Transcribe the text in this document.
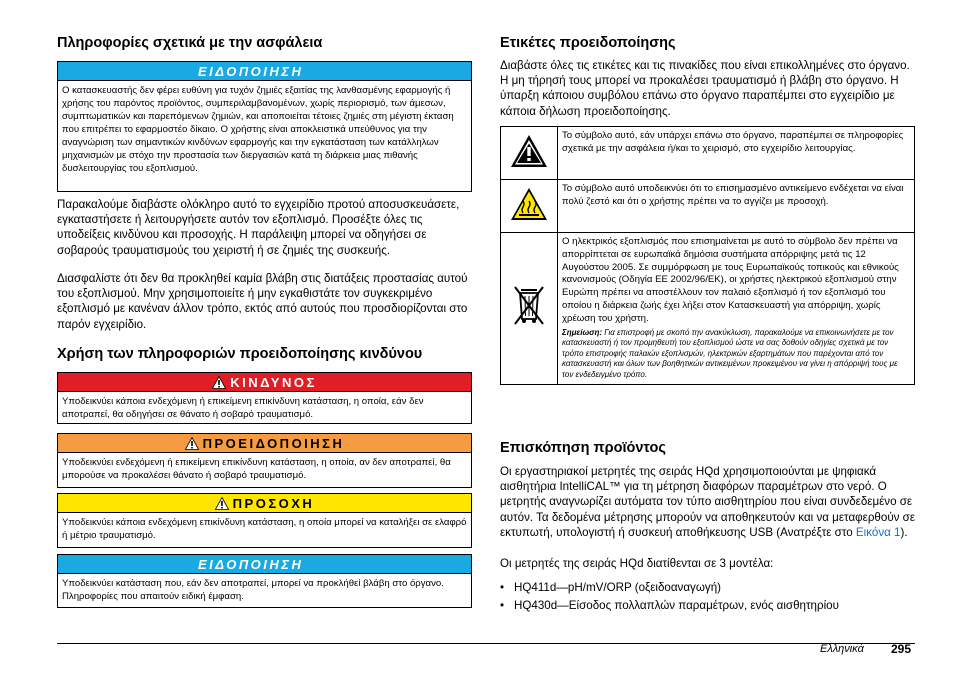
Πληροφορίες σχετικά με την ασφάλεια
ΕΙΔΟΠΟΙΗΣΗ
Ο κατασκευαστής δεν φέρει ευθύνη για τυχόν ζημιές εξαιτίας της λανθασμένης εφαρμογής ή χρήσης του παρόντος προϊόντος, συμπεριλαμβανομένων, χωρίς περιορισμό, των άμεσων, συμπτωματικών και παρεπόμενων ζημιών, και αποποιείται τέτοιες ζημιές στη μέγιστη έκταση που επιτρέπει το εφαρμοστέο δίκαιο. Ο χρήστης είναι αποκλειστικά υπεύθυνος για την αναγνώριση των σημαντικών κινδύνων εφαρμογής και την εγκατάσταση των κατάλληλων μηχανισμών με στόχο την προστασία των διεργασιών κατά τη διάρκεια μιας πιθανής δυσλειτουργίας του εξοπλισμού.

Παρακαλούμε διαβάστε ολόκληρο αυτό το εγχειρίδιο προτού αποσυσκευάσετε, εγκαταστήσετε ή λειτουργήσετε αυτόν τον εξοπλισμό. Προσέξτε όλες τις υποδείξεις κινδύνου και προσοχής. Η παράλειψη μπορεί να οδηγήσει σε σοβαρούς τραυματισμούς του χειριστή ή σε ζημιές της συσκευής.

Διασφαλίστε ότι δεν θα προκληθεί καμία βλάβη στις διατάξεις προστασίας αυτού του εξοπλισμού. Μην χρησιμοποιείτε ή μην εγκαθιστάτε τον συγκεκριμένο εξοπλισμό με κανέναν άλλον τρόπο, εκτός από αυτούς που προσδιορίζονται στο παρόν εγχειρίδιο.

Χρήση των πληροφοριών προειδοποίησης κινδύνου
ΚΙΝΔΥΝΟΣ
Υποδεικνύει κάποια ενδεχόμενη ή επικείμενη επικίνδυνη κατάσταση, η οποία, εάν δεν αποτραπεί, θα οδηγήσει σε θάνατο ή σοβαρό τραυματισμό.
ΠΡΟΕΙΔΟΠΟΙΗΣΗ
Υποδεικνύει ενδεχόμενη ή επικείμενη επικίνδυνη κατάσταση, η οποία, αν δεν αποτραπεί, θα μπορούσε να προκαλέσει θάνατο ή σοβαρό τραυματισμό.
ΠΡΟΣΟΧΗ
Υποδεικνύει κάποια ενδεχόμενη επικίνδυνη κατάσταση, η οποία μπορεί να καταλήξει σε ελαφρό ή μέτριο τραυματισμό.
ΕΙΔΟΠΟΙΗΣΗ
Υποδεικνύει κατάσταση που, εάν δεν αποτραπεί, μπορεί να προκλήθεί βλάβη στο όργανο. Πληροφορίες που απαιτούν ειδική έμφαση.
Ετικέτες προειδοποίησης

Διαβάστε όλες τις ετικέτες και τις πινακίδες που είναι επικολλημένες στο όργανο. Η μη τήρησή τους μπορεί να προκαλέσει τραυματισμό ή βλάβη στο όργανο. Η ύπαρξη κάποιου συμβόλου επάνω στο όργανο παραπέμπει στο εγχειρίδιο με κάποια δήλωση προειδοποίησης.

	Το σύμβολο αυτό, εάν υπάρχει επάνω στο όργανο, παραπέμπει σε πληροφορίες σχετικά με την ασφάλεια ή/και το χειρισμό, στο εγχειρίδιο λειτουργίας.
	Το σύμβολο αυτό υποδεικνύει ότι το επισημασμένο αντικείμενο ενδέχεται να είναι πολύ ζεστό και ότι ο χρήστης πρέπει να το αγγίζει με προσοχή.

Ο ηλεκτρικός εξοπλισμός που επισημαίνεται με αυτό το σύμβολο δεν πρέπει να απορρίπτεται σε ευρωπαϊκά δημόσια συστήματα απόρριψης μετά τις 12 Αυγούστου 2005. Σε συμμόρφωση με τους Ευρωπαϊκούς τοπικούς και εθνικούς κανονισμούς (Οδηγία ΕΕ 2002/96/ΕΚ), οι χρήστες ηλεκτρικού εξοπλισμού στην Ευρώπη πρέπει να αποστέλλουν τον παλαιό εξοπλισμό ή τον εξοπλισμό του οποίου η διάρκεια ζωής έχει λήξει στον Κατασκευαστή για απόρριψη, χωρίς χρέωση του χρήστη.
Σημείωση: Για επιστροφή με σκοπό την ανακύκλωση, παρακαλούμε να επικοινωνήσετε με τον κατασκευαστή ή τον προμηθευτή του εξοπλισμού ώστε να σας δοθούν οδηγίες σχετικά με τον τρόπο επιστροφής παλαιών εξοπλισμών, ηλεκτρικών εξαρτημάτων που παρέχονται από τον κατασκευαστή και όλων των βοηθητικών αντικειμένων προκειμένου να γίνει η απόρριψή τους με τον ενδεδειγμένο τρόπο.
Επισκόπηση προϊόντος

Οι εργαστηριακοί μετρητές της σειράς HQd χρησιμοποιούνται με ψηφιακά αισθητήρια IntelliCAL™ για τη μέτρηση διαφόρων παραμέτρων στο νερό. Ο μετρητής αναγνωρίζει αυτόματα τον τύπο αισθητηρίου που είναι συνδεδεμένο σε αυτόν. Τα δεδομένα μέτρησης μπορούν να αποθηκευτούν και να μεταφερθούν σε εκτυπωτή, υπολογιστή ή συσκευή αποθήκευσης USB (Ανατρέξτε στο Εικόνα 1).

Οι μετρητές της σειράς HQd διατίθενται σε 3 μοντέλα:

• HQ411d—pH/mV/ORP (οξειδοαναγωγή)
• HQ430d—Είσοδος πολλαπλών παραμέτρων, ενός αισθητηρίου
Ελληνικά 295
